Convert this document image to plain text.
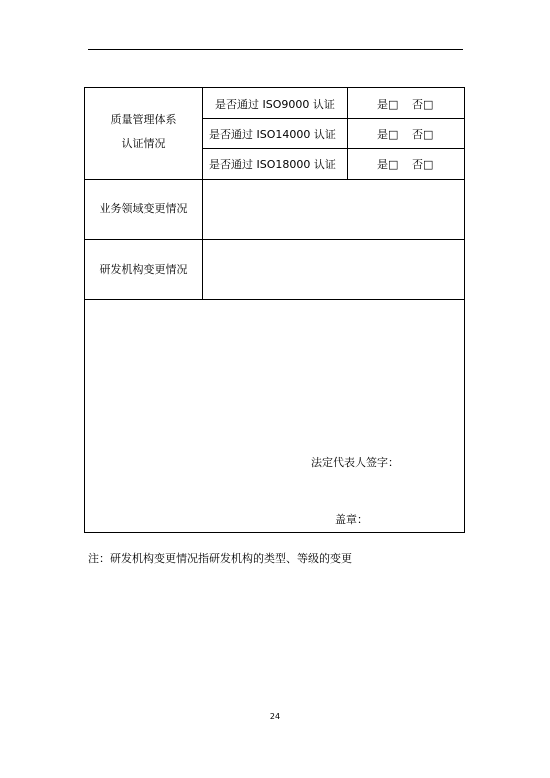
质量管理体系
认证情况
是否通过 ISO9000 认证	是□ 否□
是否通过 ISO14000 认证	是□ 否□
是否通过 ISO18000 认证	是□ 否□
业务领域变更情况
研发机构变更情况
法定代表人签字：
盖章：
注：研发机构变更情况指研发机构的类型、等级的变更
24
